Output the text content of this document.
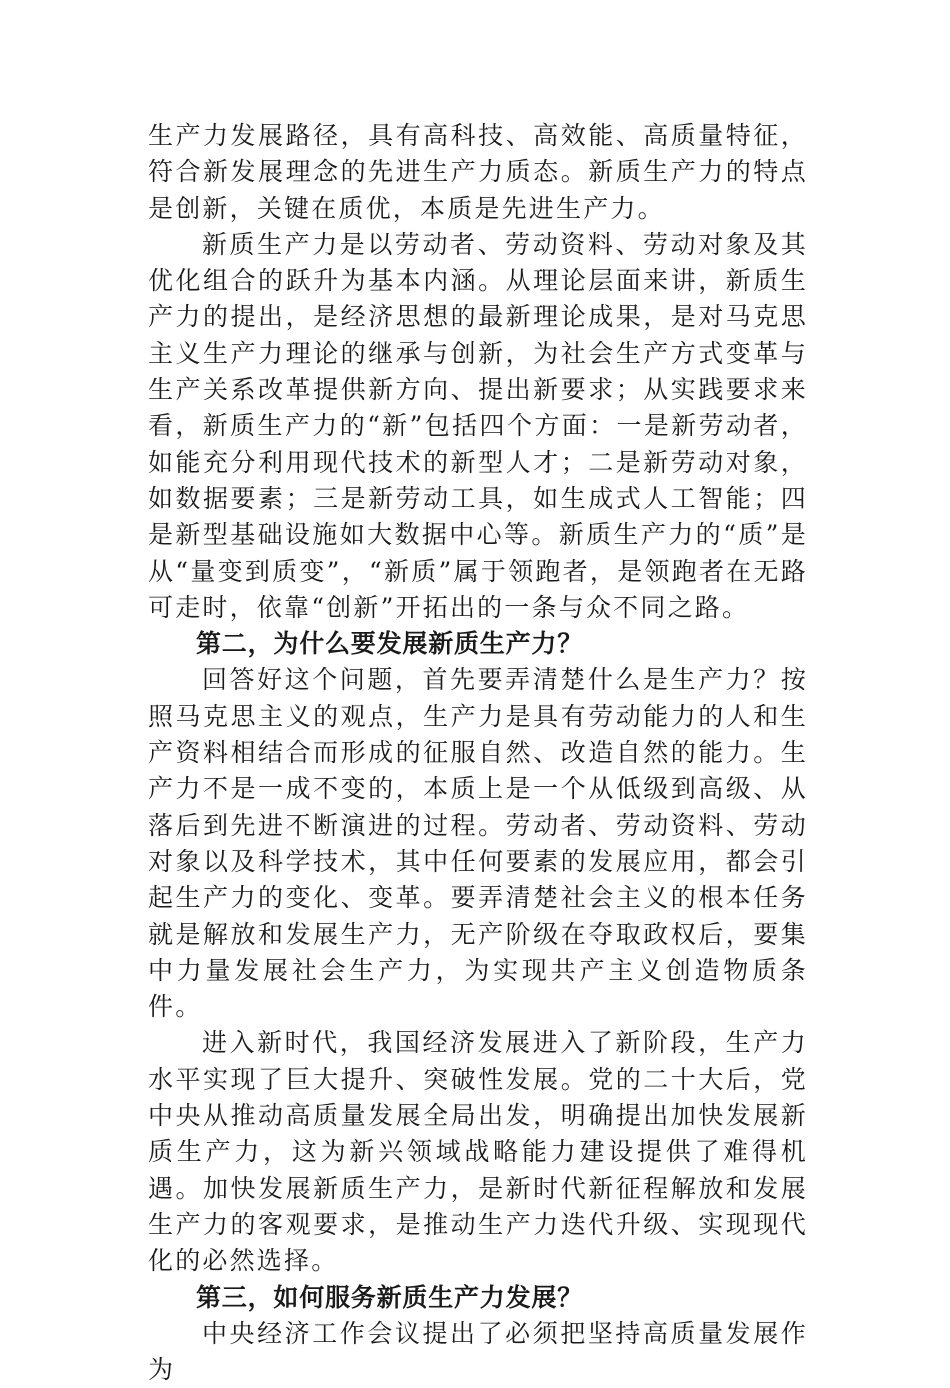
生产力发展路径，具有高科技、高效能、高质量特征，符合新发展理念的先进生产力质态。新质生产力的特点是创新，关键在质优，本质是先进生产力。

新质生产力是以劳动者、劳动资料、劳动对象及其优化组合的跃升为基本内涵。从理论层面来讲，新质生产力的提出，是经济思想的最新理论成果，是对马克思主义生产力理论的继承与创新，为社会生产方式变革与生产关系改革提供新方向、提出新要求；从实践要求来看，新质生产力的“新”包括四个方面：一是新劳动者，如能充分利用现代技术的新型人才；二是新劳动对象，如数据要素；三是新劳动工具，如生成式人工智能；四是新型基础设施如大数据中心等。新质生产力的“质”是从“量变到质变”，“新质”属于领跑者，是领跑者在无路可走时，依靠“创新”开拓出的一条与众不同之路。

第二，为什么要发展新质生产力？

回答好这个问题，首先要弄清楚什么是生产力？按照马克思主义的观点，生产力是具有劳动能力的人和生产资料相结合而形成的征服自然、改造自然的能力。生产力不是一成不变的，本质上是一个从低级到高级、从落后到先进不断演进的过程。劳动者、劳动资料、劳动对象以及科学技术，其中任何要素的发展应用，都会引起生产力的变化、变革。要弄清楚社会主义的根本任务就是解放和发展生产力，无产阶级在夺取政权后，要集中力量发展社会生产力，为实现共产主义创造物质条件。

进入新时代，我国经济发展进入了新阶段，生产力水平实现了巨大提升、突破性发展。党的二十大后，党中央从推动高质量发展全局出发，明确提出加快发展新质生产力，这为新兴领域战略能力建设提供了难得机遇。加快发展新质生产力，是新时代新征程解放和发展生产力的客观要求，是推动生产力迭代升级、实现现代化的必然选择。

第三，如何服务新质生产力发展？

中央经济工作会议提出了必须把坚持高质量发展作为
